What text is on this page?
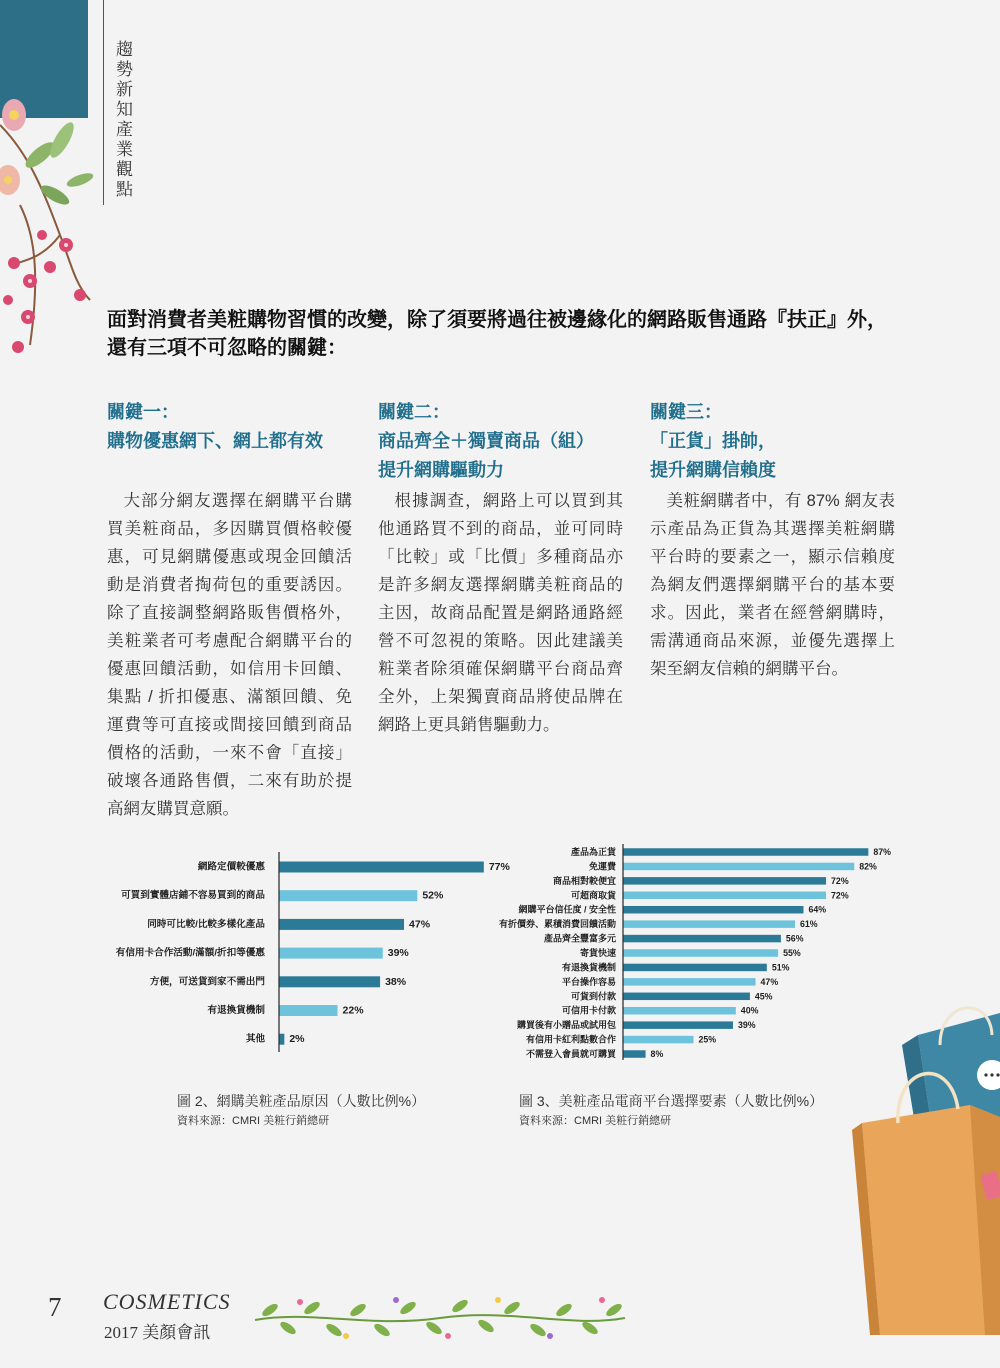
趨勢新知產業觀點
面對消費者美粧購物習慣的改變，除了須要將過往被邊緣化的網路販售通路『扶正』外，
還有三項不可忽略的關鍵：
網路定價較優惠	77%
可買到實體店鋪不容易買到的商品	52%
同時可比較/比較多樣化產品	47%
有信用卡合作活動/滿額/折扣等優惠	39%
方便，可送貨到家不需出門	38%
有退換貨機制	22%
其他 2%
產品為正貨	87%
免運費	82%
商品相對較便宜	72%
可超商取貨	72%
網購平台信任度 / 安全性	64%
有折價券、累積消費回饋活動	61%
產品齊全豐富多元	56%
寄貨快速	55%
有退換貨機制	51%
平台操作容易	47%
可貨到付款	45%
可信用卡付款	40%
購買後有小贈品或試用包	39%
有信用卡紅利點數合作	25%
不需登入會員就可購買	8%
圖 2、網購美粧產品原因（人數比例%）
資料來源：CMRI 美粧行銷總研
圖 3、美粧產品電商平台選擇要素（人數比例%）
資料來源：CMRI 美粧行銷總研
7 COSMETICS
2017 美顏會訊
關鍵一：
購物優惠網下、網上都有效
大部分網友選擇在網購平台購
買美粧商品，多因購買價格較優
惠，可見網購優惠或現金回饋活
動是消費者掏荷包的重要誘因。
除了直接調整網路販售價格外，
美粧業者可考慮配合網購平台的
優惠回饋活動，如信用卡回饋、
集點 / 折扣優惠、滿額回饋、免
運費等可直接或間接回饋到商品
價格的活動，一來不會「直接」
破壞各通路售價，二來有助於提
高網友購買意願。
關鍵二：
商品齊全＋獨賣商品（組）
提升網購驅動力
根據調查，網路上可以買到其
他通路買不到的商品，並可同時
「比較」或「比價」多種商品亦
是許多網友選擇網購美粧商品的
主因，故商品配置是網路通路經
營不可忽視的策略。因此建議美
粧業者除須確保網購平台商品齊
全外，上架獨賣商品將使品牌在
網路上更具銷售驅動力。
關鍵三：
「正貨」掛帥，
提升網購信賴度
美粧網購者中，有 87% 網友表
示產品為正貨為其選擇美粧網購
平台時的要素之一，顯示信賴度
為網友們選擇網購平台的基本要
求。因此，業者在經營網購時，
需溝通商品來源，並優先選擇上
架至網友信賴的網購平台。
